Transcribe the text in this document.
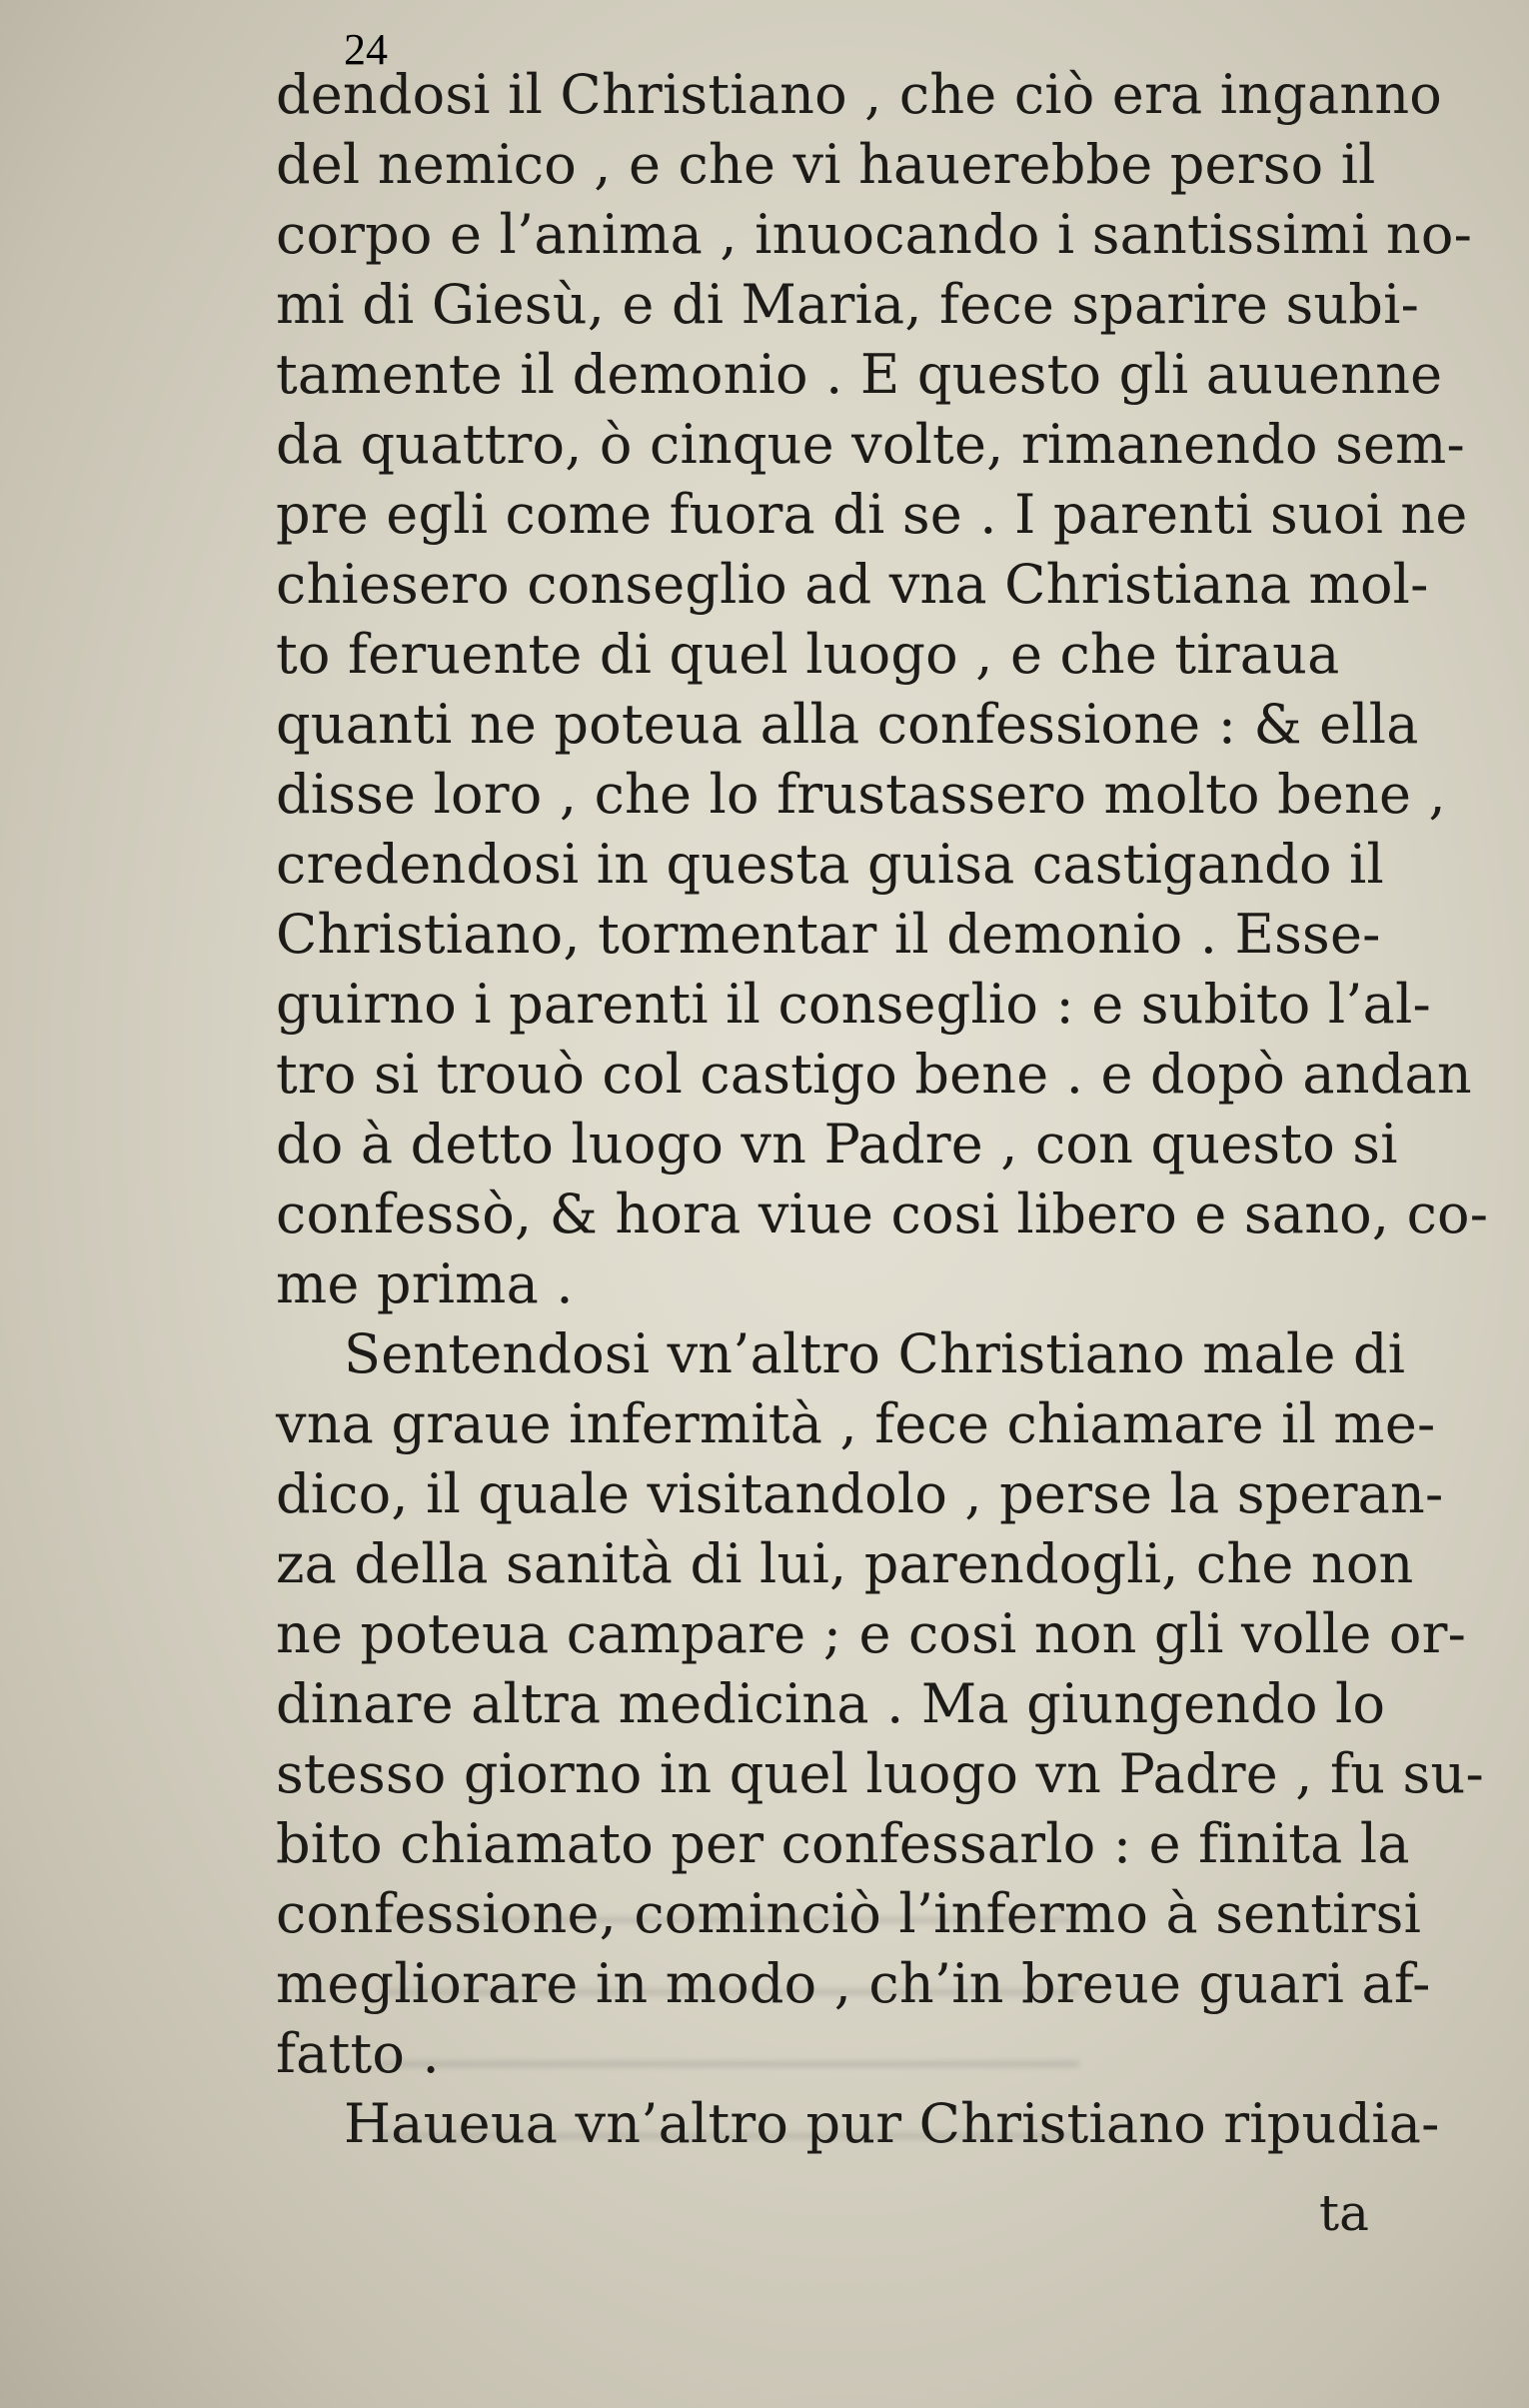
24
dendosi il Christiano , che ciò era inganno
del nemico , e che vi hauerebbe perso il
corpo e l’anima , inuocando i santissimi no-
mi di Giesù, e di Maria, fece sparire subi-
tamente il demonio . E questo gli auuenne
da quattro, ò cinque volte, rimanendo sem-
pre egli come fuora di se . I parenti suoi ne
chiesero conseglio ad vna Christiana mol-
to feruente di quel luogo , e che tiraua
quanti ne poteua alla confessione : & ella
disse loro , che lo frustassero molto bene ,
credendosi in questa guisa castigando il
Christiano, tormentar il demonio . Esse-
guirno i parenti il conseglio : e subito l’al-
tro si trouò col castigo bene . e dopò andan
do à detto luogo vn Padre , con questo si
confessò, & hora viue cosi libero e sano, co-
me prima .
Sentendosi vn’altro Christiano male di
vna graue infermità , fece chiamare il me-
dico, il quale visitandolo , perse la speran-
za della sanità di lui, parendogli, che non
ne poteua campare ; e cosi non gli volle or-
dinare altra medicina . Ma giungendo lo
stesso giorno in quel luogo vn Padre , fu su-
bito chiamato per confessarlo : e finita la
confessione, cominciò l’infermo à sentirsi
megliorare in modo , ch’in breue guari af-
fatto .
Haueua vn’altro pur Christiano ripudia-
ta
